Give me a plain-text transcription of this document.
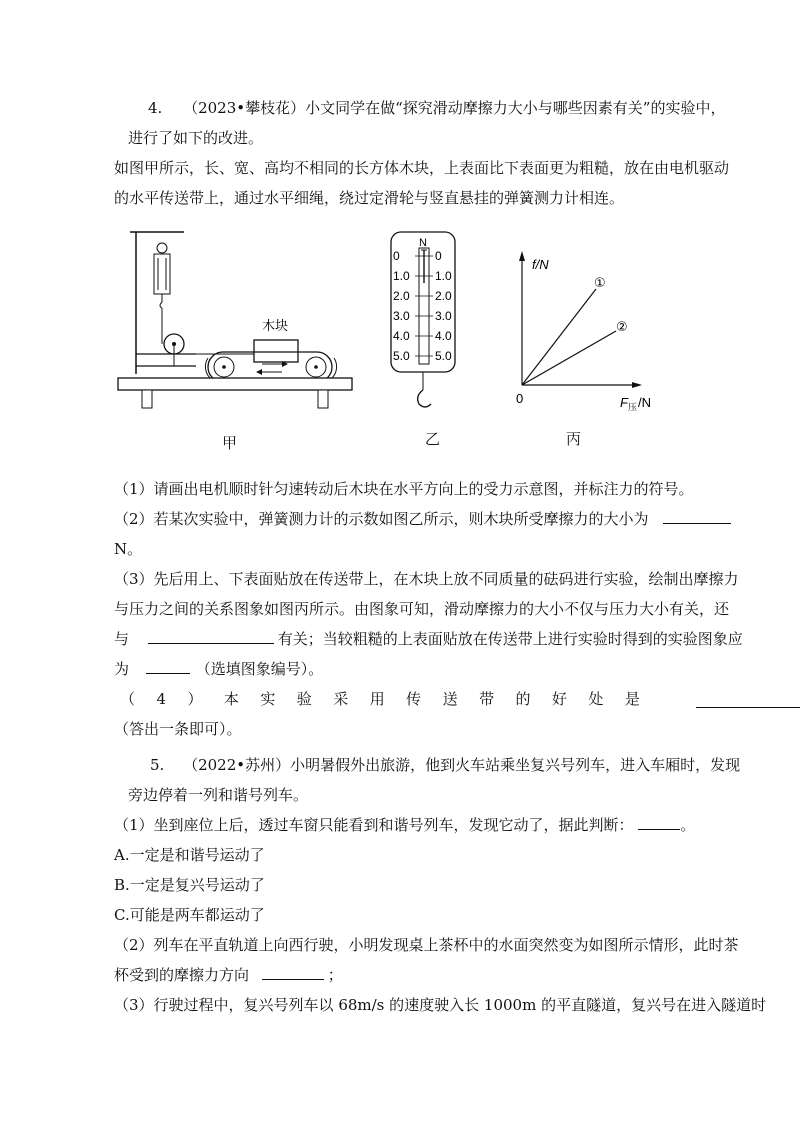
4. （2023•攀枝花）小文同学在做“探究滑动摩擦力大小与哪些因素有关”的实验中，
进行了如下的改进。
如图甲所示，长、宽、高均不相同的长方体木块，上表面比下表面更为粗糙，放在由电机驱动
的水平传送带上，通过水平细绳，绕过定滑轮与竖直悬挂的弹簧测力计相连。
木块
N
0
1.0
2.0
3.0
4.0
5.0
0
1.0
2.0
3.0
4.0
5.0
f/N
0
①
②
F 压 /N
甲	乙	丙
（1）请画出电机顺时针匀速转动后木块在水平方向上的受力示意图，并标注力的符号。
（2）若某次实验中，弹簧测力计的示数如图乙所示，则木块所受摩擦力的大小为
N。
（3）先后用上、下表面贴放在传送带上，在木块上放不同质量的砝码进行实验，绘制出摩擦力
与压力之间的关系图象如图丙所示。由图象可知，滑动摩擦力的大小不仅与压力大小有关，还
与	有关；当较粗糙的上表面贴放在传送带上进行实验时得到的实验图象应
为	（选填图象编号）。
（ 4 ） 本 实 验 采 用 传 送 带 的 好 处 是
（答出一条即可）。
5. （2022•苏州）小明暑假外出旅游，他到火车站乘坐复兴号列车，进入车厢时，发现
旁边停着一列和谐号列车。
（1）坐到座位上后，透过车窗只能看到和谐号列车，发现它动了，据此判断：	。
A.一定是和谐号运动了
B.一定是复兴号运动了
C.可能是两车都运动了
（2）列车在平直轨道上向西行驶，小明发现桌上茶杯中的水面突然变为如图所示情形，此时茶
杯受到的摩擦力方向	；
（3）行驶过程中，复兴号列车以 68m/s 的速度驶入长 1000m 的平直隧道，复兴号在进入隧道时
